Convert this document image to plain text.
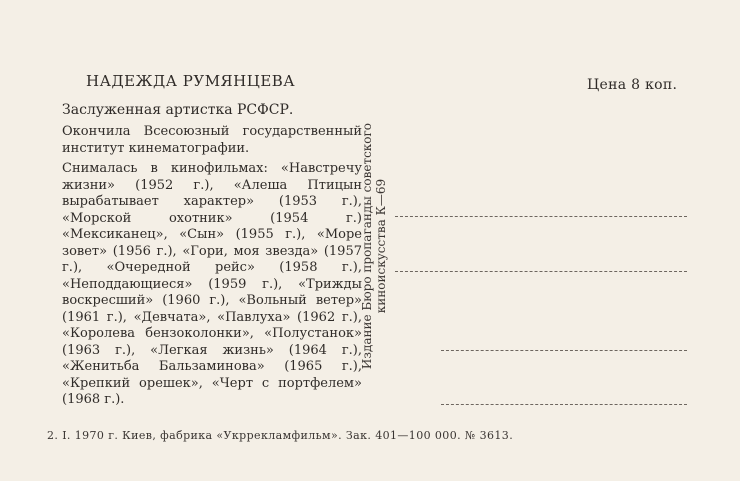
НАДЕЖДА РУМЯНЦЕВА	Цена 8 коп.
Заслуженная артистка РСФСР.

Окончила Всесоюзный государственный институт кинематографии.

Снималась в кинофильмах: «Навстречу жизни» (1952 г.), «Алеша Птицын вырабатывает характер» (1953 г.), «Морской охотник» (1954 г.) «Мексиканец», «Сын» (1955 г.), «Море зовет» (1956 г.), «Гори, моя звезда» (1957 г.), «Очередной рейс» (1958 г.), «Неподдающиеся» (1959 г.), «Трижды воскресший» (1960 г.), «Вольный ветер» (1961 г.), «Девчата», «Павлуха» (1962 г.), «Королева бензоколонки», «Полустанок» (1963 г.), «Легкая жизнь» (1964 г.), «Женитьба Бальзаминова» (1965 г.), «Крепкий орешек», «Черт с портфелем» (1968 г.).

Издание Бюро пропаганды советского киноискусства К—69
2. I. 1970 г. Киев, фабрика «Укррекламфильм». Зак. 401—100 000. № 3613.
